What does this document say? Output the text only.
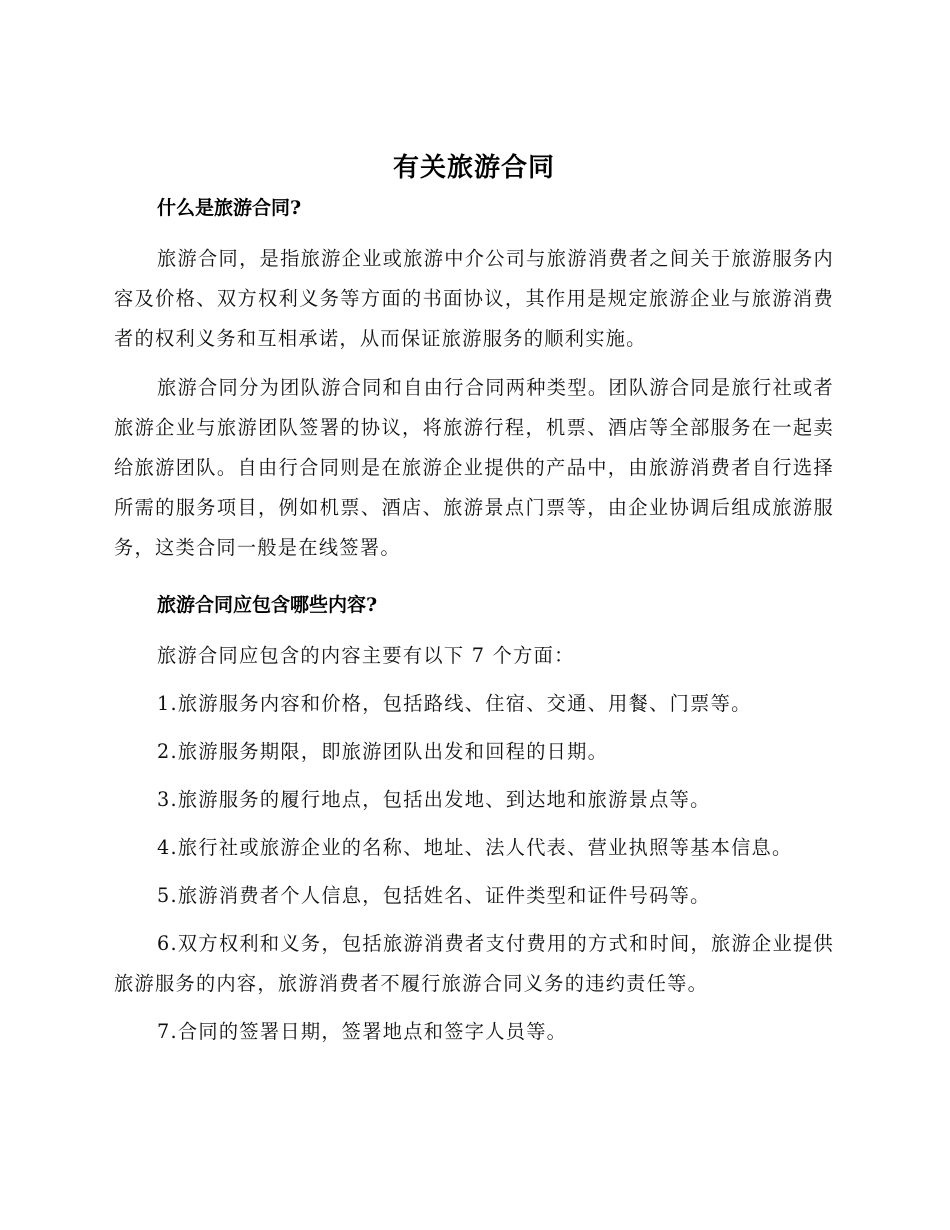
有关旅游合同
什么是旅游合同?

旅游合同，是指旅游企业或旅游中介公司与旅游消费者之间关于旅游服务内容及价格、双方权利义务等方面的书面协议，其作用是规定旅游企业与旅游消费者的权利义务和互相承诺，从而保证旅游服务的顺利实施。

旅游合同分为团队游合同和自由行合同两种类型。团队游合同是旅行社或者旅游企业与旅游团队签署的协议，将旅游行程，机票、酒店等全部服务在一起卖给旅游团队。自由行合同则是在旅游企业提供的产品中，由旅游消费者自行选择所需的服务项目，例如机票、酒店、旅游景点门票等，由企业协调后组成旅游服务，这类合同一般是在线签署。

旅游合同应包含哪些内容?

旅游合同应包含的内容主要有以下 7 个方面：

1.旅游服务内容和价格，包括路线、住宿、交通、用餐、门票等。

2.旅游服务期限，即旅游团队出发和回程的日期。

3.旅游服务的履行地点，包括出发地、到达地和旅游景点等。

4.旅行社或旅游企业的名称、地址、法人代表、营业执照等基本信息。

5.旅游消费者个人信息，包括姓名、证件类型和证件号码等。

6.双方权利和义务，包括旅游消费者支付费用的方式和时间，旅游企业提供旅游服务的内容，旅游消费者不履行旅游合同义务的违约责任等。

7.合同的签署日期，签署地点和签字人员等。
